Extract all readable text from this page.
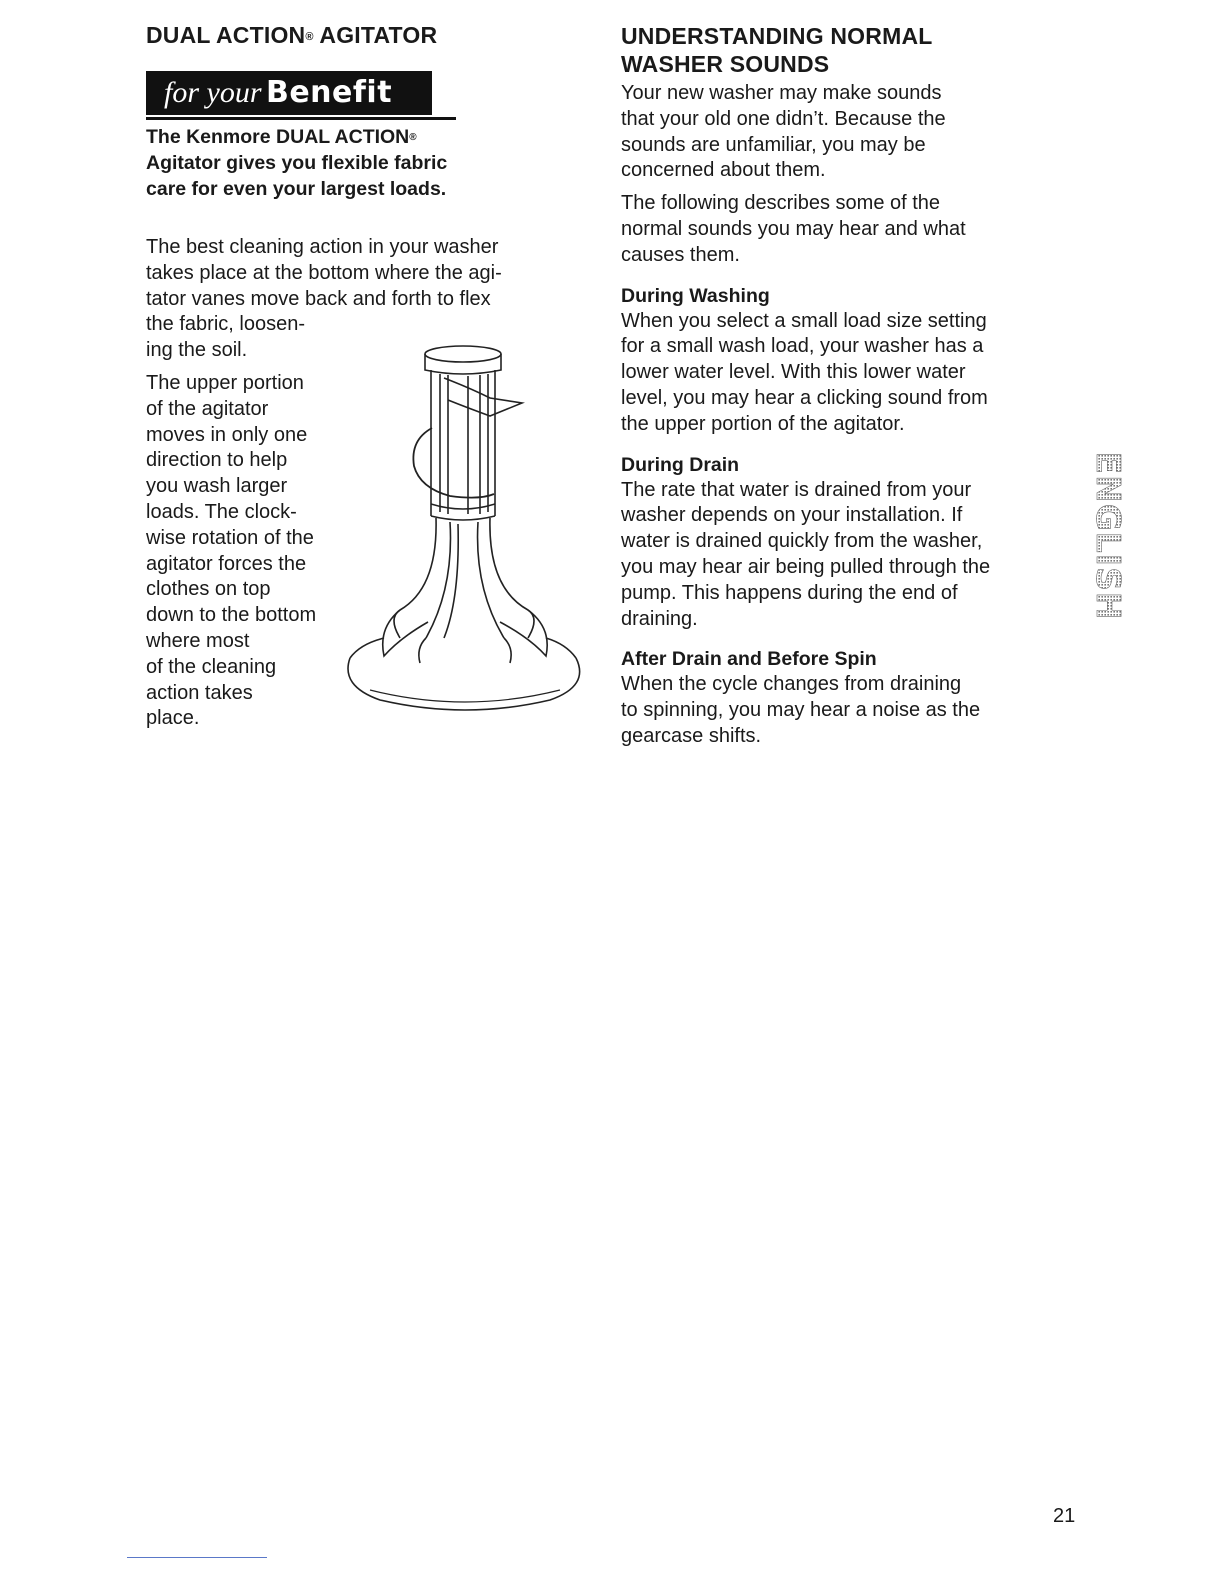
DUAL ACTION® AGITATOR
for your Benefit
The Kenmore DUAL ACTION®
Agitator gives you flexible fabric
care for even your largest loads.

The best cleaning action in your washer
takes place at the bottom where the agi-
tator vanes move back and forth to flex
the fabric, loosen-
ing the soil.

The upper portion
of the agitator
moves in only one
direction to help
you wash larger
loads. The clock-
wise rotation of the
agitator forces the
clothes on top
down to the bottom
where most
of the cleaning
action takes
place.

UNDERSTANDING NORMAL
WASHER SOUNDS

Your new washer may make sounds
that your old one didn’t. Because the
sounds are unfamiliar, you may be
concerned about them.

The following describes some of the
normal sounds you may hear and what
causes them.

During Washing

When you select a small load size setting
for a small wash load, your washer has a
lower water level. With this lower water
level, you may hear a clicking sound from
the upper portion of the agitator.

During Drain

The rate that water is drained from your
washer depends on your installation. If
water is drained quickly from the washer,
you may hear air being pulled through the
pump. This happens during the end of
draining.

After Drain and Before Spin

When the cycle changes from draining
to spinning, you may hear a noise as the
gearcase shifts.

ENGLISH
21
